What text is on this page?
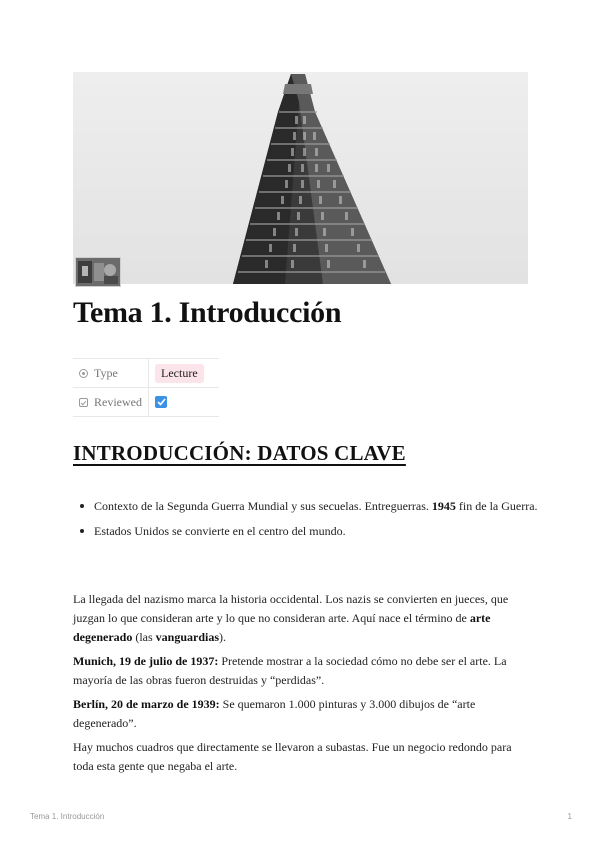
Tema 1. Introducción
Type	Lecture
Reviewed
INTRODUCCIÓN: DATOS CLAVE
Contexto de la Segunda Guerra Mundial y sus secuelas. Entreguerras. 1945 fin de la Guerra.
Estados Unidos se convierte en el centro del mundo.

La llegada del nazismo marca la historia occidental. Los nazis se convierten en jueces, que juzgan lo que consideran arte y lo que no consideran arte. Aquí nace el término de arte degenerado (las vanguardias).

Munich, 19 de julio de 1937: Pretende mostrar a la sociedad cómo no debe ser el arte. La mayoría de las obras fueron destruidas y “perdidas”.

Berlín, 20 de marzo de 1939: Se quemaron 1.000 pinturas y 3.000 dibujos de “arte degenerado”.

Hay muchos cuadros que directamente se llevaron a subastas. Fue un negocio redondo para toda esta gente que negaba el arte.

Tema 1. Introducción	1
